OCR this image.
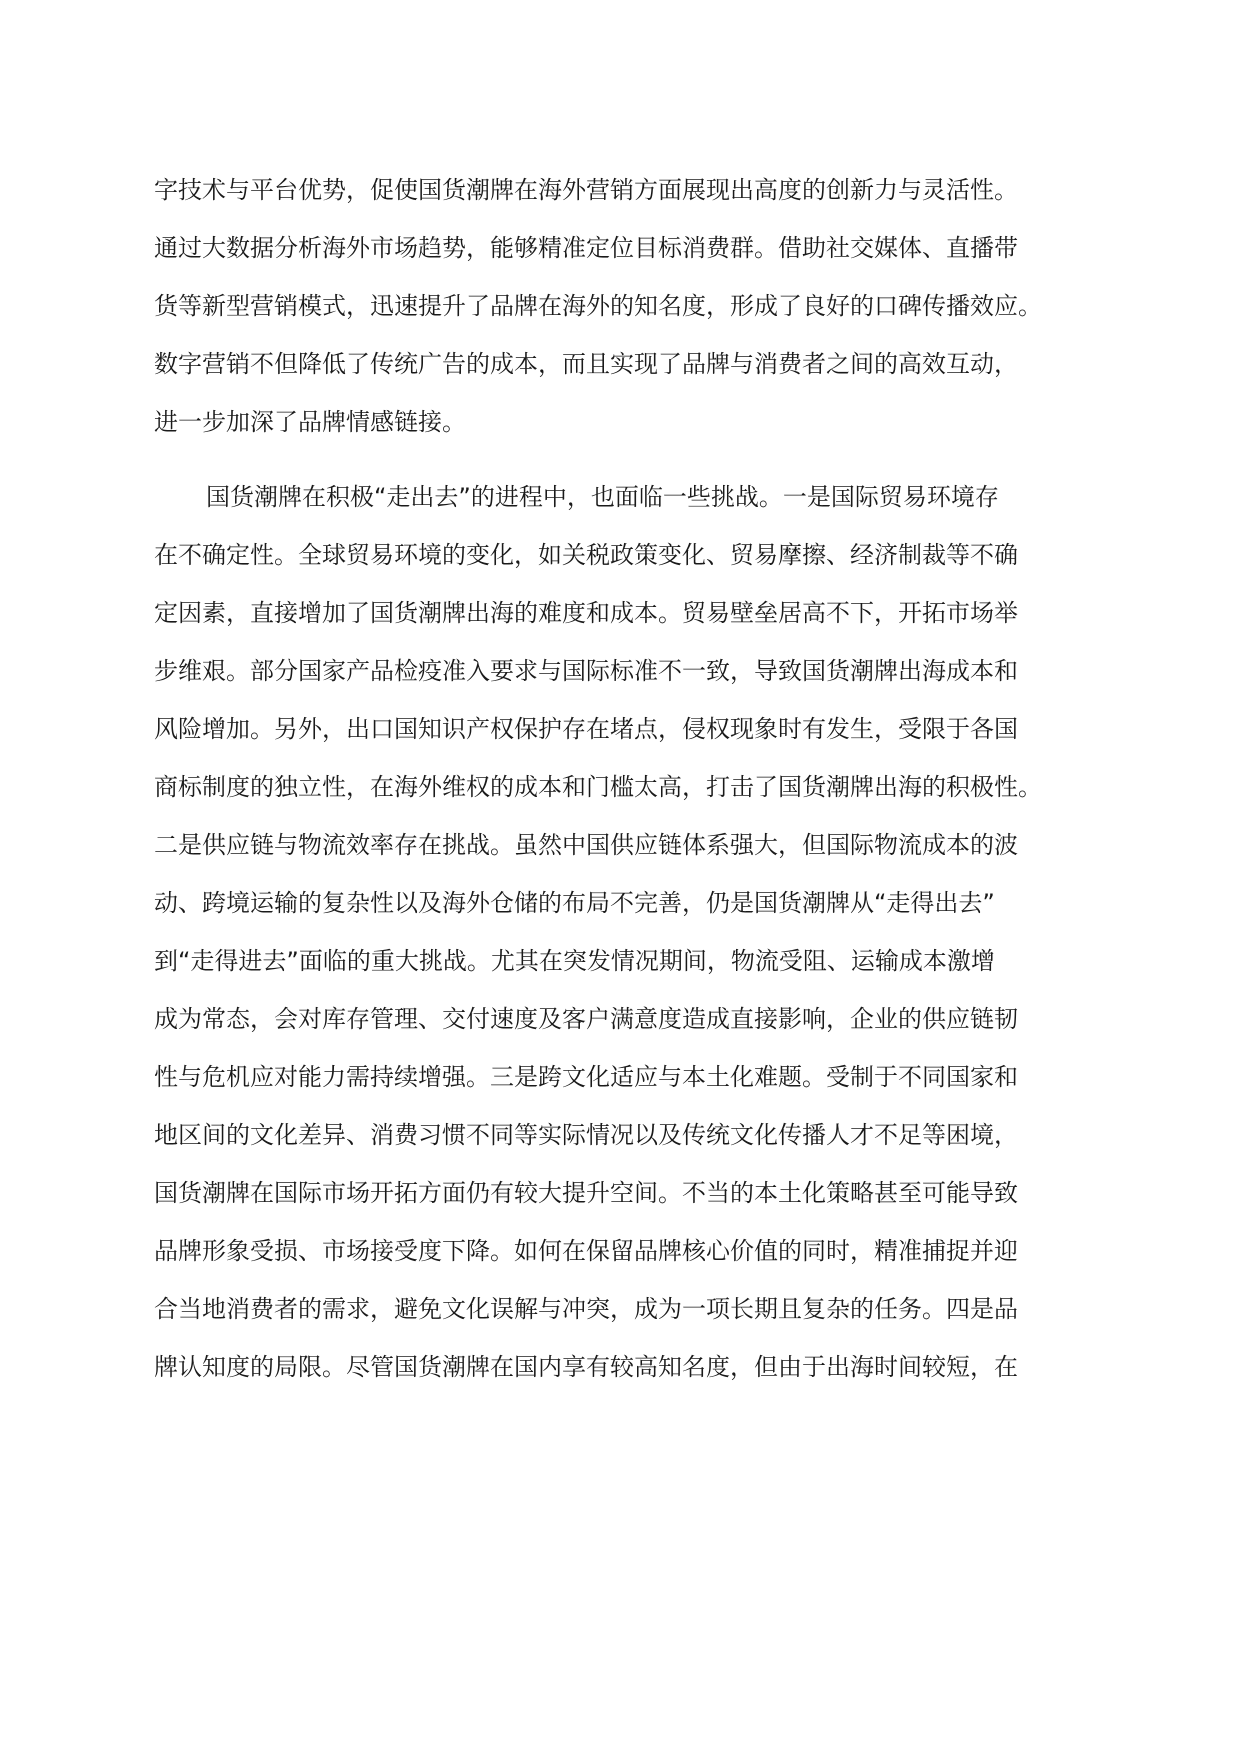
字技术与平台优势，促使国货潮牌在海外营销方面展现出高度的创新力与灵活性。
通过大数据分析海外市场趋势，能够精准定位目标消费群。借助社交媒体、直播带
货等新型营销模式，迅速提升了品牌在海外的知名度，形成了良好的口碑传播效应。
数字营销不但降低了传统广告的成本，而且实现了品牌与消费者之间的高效互动，
进一步加深了品牌情感链接。
国货潮牌在积极“走出去”的进程中，也面临一些挑战。一是国际贸易环境存
在不确定性。全球贸易环境的变化，如关税政策变化、贸易摩擦、经济制裁等不确
定因素，直接增加了国货潮牌出海的难度和成本。贸易壁垒居高不下，开拓市场举
步维艰。部分国家产品检疫准入要求与国际标准不一致，导致国货潮牌出海成本和
风险增加。另外，出口国知识产权保护存在堵点，侵权现象时有发生，受限于各国
商标制度的独立性，在海外维权的成本和门槛太高，打击了国货潮牌出海的积极性。
二是供应链与物流效率存在挑战。虽然中国供应链体系强大，但国际物流成本的波
动、跨境运输的复杂性以及海外仓储的布局不完善，仍是国货潮牌从“走得出去”
到“走得进去”面临的重大挑战。尤其在突发情况期间，物流受阻、运输成本激增
成为常态，会对库存管理、交付速度及客户满意度造成直接影响，企业的供应链韧
性与危机应对能力需持续增强。三是跨文化适应与本土化难题。受制于不同国家和
地区间的文化差异、消费习惯不同等实际情况以及传统文化传播人才不足等困境，
国货潮牌在国际市场开拓方面仍有较大提升空间。不当的本土化策略甚至可能导致
品牌形象受损、市场接受度下降。如何在保留品牌核心价值的同时，精准捕捉并迎
合当地消费者的需求，避免文化误解与冲突，成为一项长期且复杂的任务。四是品
牌认知度的局限。尽管国货潮牌在国内享有较高知名度，但由于出海时间较短，在
